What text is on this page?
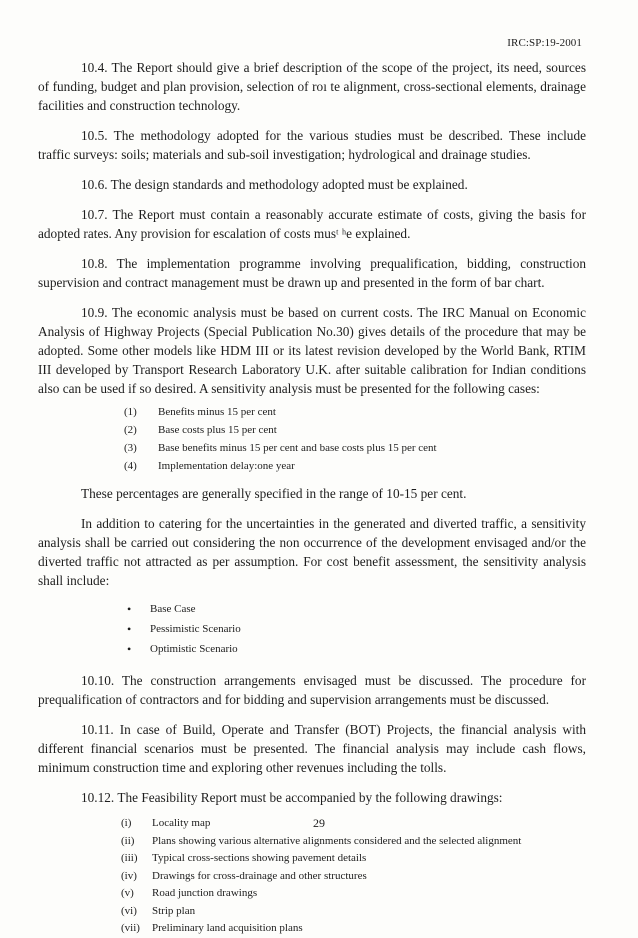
IRC:SP:19-2001

10.4. The Report should give a brief description of the scope of the project, its need, sources of funding, budget and plan provision, selection of roı te alignment, cross-sectional elements, drainage facilities and construction technology.

10.5. The methodology adopted for the various studies must be described. These include traffic surveys: soils; materials and sub-soil investigation; hydrological and drainage studies.

10.6. The design standards and methodology adopted must be explained.

10.7. The Report must contain a reasonably accurate estimate of costs, giving the basis for adopted rates. Any provision for escalation of costs musᵗ ʰe explained.

10.8. The implementation programme involving prequalification, bidding, construction supervision and contract management must be drawn up and presented in the form of bar chart.

10.9. The economic analysis must be based on current costs. The IRC Manual on Economic Analysis of Highway Projects (Special Publication No.30) gives details of the procedure that may be adopted. Some other models like HDM III or its latest revision developed by the World Bank, RTIM III developed by Transport Research Laboratory U.K. after suitable calibration for Indian conditions also can be used if so desired. A sensitivity analysis must be presented for the following cases:

(1) Benefits minus 15 per cent
(2) Base costs plus 15 per cent
(3) Base benefits minus 15 per cent and base costs plus 15 per cent
(4) Implementation delay:one year

These percentages are generally specified in the range of 10-15 per cent.

In addition to catering for the uncertainties in the generated and diverted traffic, a sensitivity analysis shall be carried out considering the non occurrence of the development envisaged and/or the diverted traffic not attracted as per assumption. For cost benefit assessment, the sensitivity analysis shall include:

• Base Case
• Pessimistic Scenario
• Optimistic Scenario

10.10. The construction arrangements envisaged must be discussed. The procedure for prequalification of contractors and for bidding and supervision arrangements must be discussed.

10.11. In case of Build, Operate and Transfer (BOT) Projects, the financial analysis with different financial scenarios must be presented. The financial analysis may include cash flows, minimum construction time and exploring other revenues including the tolls.

10.12. The Feasibility Report must be accompanied by the following drawings:

(i) Locality map
(ii) Plans showing various alternative alignments considered and the selected alignment
(iii) Typical cross-sections showing pavement details
(iv) Drawings for cross-drainage and other structures
(v) Road junction drawings
(vi) Strip plan
(vii) Preliminary land acquisition plans
29
